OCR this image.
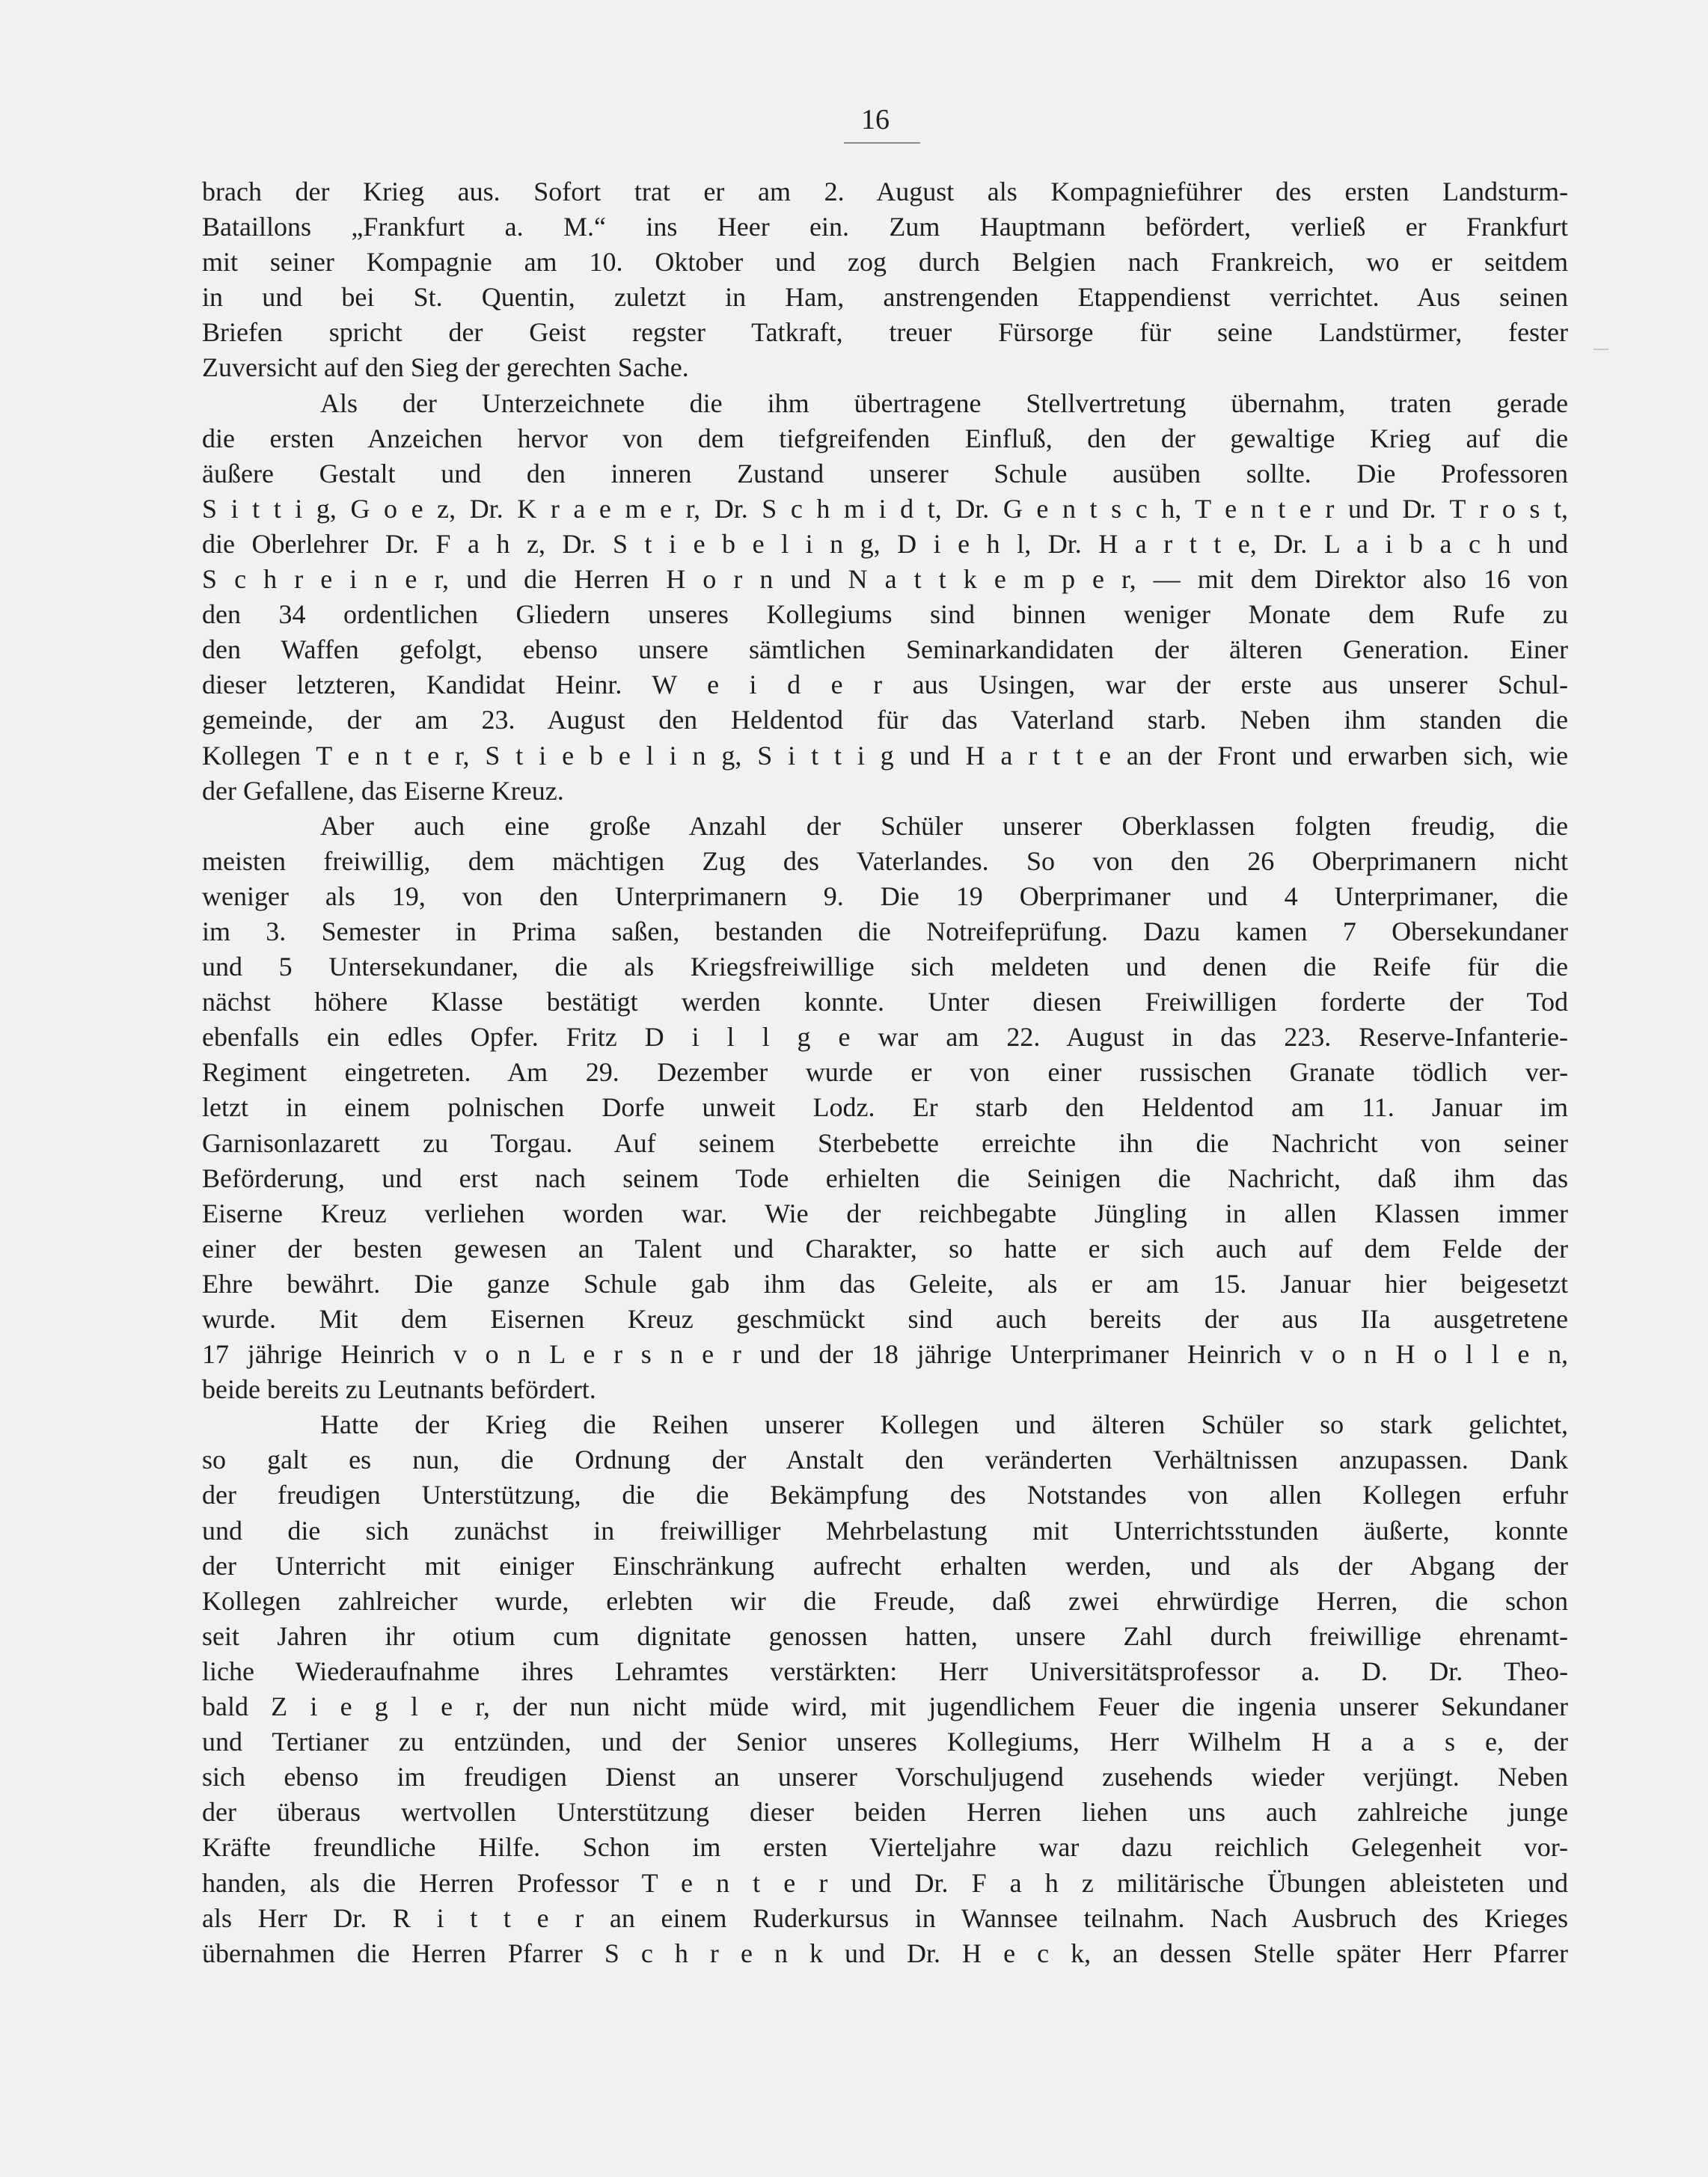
16
brach der Krieg aus. Sofort trat er am 2. August als Kompagnieführer des ersten Landsturm-
Bataillons „Frankfurt a. M.“ ins Heer ein. Zum Hauptmann befördert, verließ er Frankfurt
mit seiner Kompagnie am 10. Oktober und zog durch Belgien nach Frankreich, wo er seitdem
in und bei St. Quentin, zuletzt in Ham, anstrengenden Etappendienst verrichtet. Aus seinen
Briefen spricht der Geist regster Tatkraft, treuer Fürsorge für seine Landstürmer, fester
Zuversicht auf den Sieg der gerechten Sache.
Als der Unterzeichnete die ihm übertragene Stellvertretung übernahm, traten gerade
die ersten Anzeichen hervor von dem tiefgreifenden Einfluß, den der gewaltige Krieg auf die
äußere Gestalt und den inneren Zustand unserer Schule ausüben sollte. Die Professoren
S i t t i g, G o e z, Dr. K r a e m e r, Dr. S c h m i d t, Dr. G e n t s c h, T e n t e r und Dr. T r o s t,
die Oberlehrer Dr. F a h z, Dr. S t i e b e l i n g, D i e h l, Dr. H a r t t e, Dr. L a i b a c h und
S c h r e i n e r, und die Herren H o r n und N a t t k e m p e r, — mit dem Direktor also 16 von
den 34 ordentlichen Gliedern unseres Kollegiums sind binnen weniger Monate dem Rufe zu
den Waffen gefolgt, ebenso unsere sämtlichen Seminarkandidaten der älteren Generation. Einer
dieser letzteren, Kandidat Heinr. W e i d e r aus Usingen, war der erste aus unserer Schul-
gemeinde, der am 23. August den Heldentod für das Vaterland starb. Neben ihm standen die
Kollegen T e n t e r, S t i e b e l i n g, S i t t i g und H a r t t e an der Front und erwarben sich, wie
der Gefallene, das Eiserne Kreuz.
Aber auch eine große Anzahl der Schüler unserer Oberklassen folgten freudig, die
meisten freiwillig, dem mächtigen Zug des Vaterlandes. So von den 26 Oberprimanern nicht
weniger als 19, von den Unterprimanern 9. Die 19 Oberprimaner und 4 Unterprimaner, die
im 3. Semester in Prima saßen, bestanden die Notreifeprüfung. Dazu kamen 7 Obersekundaner
und 5 Untersekundaner, die als Kriegsfreiwillige sich meldeten und denen die Reife für die
nächst höhere Klasse bestätigt werden konnte. Unter diesen Freiwilligen forderte der Tod
ebenfalls ein edles Opfer. Fritz D i l l g e war am 22. August in das 223. Reserve-Infanterie-
Regiment eingetreten. Am 29. Dezember wurde er von einer russischen Granate tödlich ver-
letzt in einem polnischen Dorfe unweit Lodz. Er starb den Heldentod am 11. Januar im
Garnisonlazarett zu Torgau. Auf seinem Sterbebette erreichte ihn die Nachricht von seiner
Beförderung, und erst nach seinem Tode erhielten die Seinigen die Nachricht, daß ihm das
Eiserne Kreuz verliehen worden war. Wie der reichbegabte Jüngling in allen Klassen immer
einer der besten gewesen an Talent und Charakter, so hatte er sich auch auf dem Felde der
Ehre bewährt. Die ganze Schule gab ihm das Geleite, als er am 15. Januar hier beigesetzt
wurde. Mit dem Eisernen Kreuz geschmückt sind auch bereits der aus IIa ausgetretene
17 jährige Heinrich v o n L e r s n e r und der 18 jährige Unterprimaner Heinrich v o n H o l l e n,
beide bereits zu Leutnants befördert.
Hatte der Krieg die Reihen unserer Kollegen und älteren Schüler so stark gelichtet,
so galt es nun, die Ordnung der Anstalt den veränderten Verhältnissen anzupassen. Dank
der freudigen Unterstützung, die die Bekämpfung des Notstandes von allen Kollegen erfuhr
und die sich zunächst in freiwilliger Mehrbelastung mit Unterrichtsstunden äußerte, konnte
der Unterricht mit einiger Einschränkung aufrecht erhalten werden, und als der Abgang der
Kollegen zahlreicher wurde, erlebten wir die Freude, daß zwei ehrwürdige Herren, die schon
seit Jahren ihr otium cum dignitate genossen hatten, unsere Zahl durch freiwillige ehrenamt-
liche Wiederaufnahme ihres Lehramtes verstärkten: Herr Universitätsprofessor a. D. Dr. Theo-
bald Z i e g l e r, der nun nicht müde wird, mit jugendlichem Feuer die ingenia unserer Sekundaner
und Tertianer zu entzünden, und der Senior unseres Kollegiums, Herr Wilhelm H a a s e, der
sich ebenso im freudigen Dienst an unserer Vorschuljugend zusehends wieder verjüngt. Neben
der überaus wertvollen Unterstützung dieser beiden Herren liehen uns auch zahlreiche junge
Kräfte freundliche Hilfe. Schon im ersten Vierteljahre war dazu reichlich Gelegenheit vor-
handen, als die Herren Professor T e n t e r und Dr. F a h z militärische Übungen ableisteten und
als Herr Dr. R i t t e r an einem Ruderkursus in Wannsee teilnahm. Nach Ausbruch des Krieges
übernahmen die Herren Pfarrer S c h r e n k und Dr. H e c k, an dessen Stelle später Herr Pfarrer
